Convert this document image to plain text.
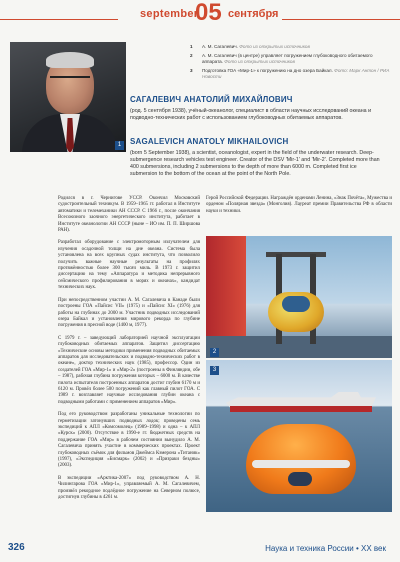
september
05 сентября
1
1 А. М. Сагалевич. Фото из открытых источников
2 А. М. Сагалевич (в центре) управляет погружением глубоководного обитаемого аппарата. Фото из открытых источников
3 Подготовка ГОА «Мир-1» к погружению на дно озера Байкал. Фото: Марк Антон / РИА Новости
САГАЛЕВИЧ АНАТОЛИЙ МИХАЙЛОВИЧ
(род. 5 сентября 1938), учёный-океанолог, специалист в области научных исследований океана и подводно-технических работ с использованием глубоководных обитаемых аппаратов.
SAGALEVICH ANATOLY MIKHAILOVICH
(born 5 September 1938), a scientist, oceanologist, expert in the field of the underwater research. Deep-submergence research vehicles test engineer. Creator of the DSV 'Mir-1' and 'Mir-2'. Completed more than 400 submersions, including 2 submersions to the depth of more than 6000 m. Completed first ice submersion to the bottom of the ocean at the point of the North Pole.

Родился в г. Чернигове УССР. Окончил Московский судостроительный техникум. В 1959–1965 гг. работал в Институте автоматики и телемеханики АН СССР. С 1966 г., после окончания Всесоюзного заочного энергетического института, работает в Институте океанологии АН СССР (ныне – ИО им. П. П. Ширшова РАН).

Разработал оборудование с электромоторным излучателем для изучения осадочной толщи на дне океана. Система была установлена на всех крупных судах института, что позволило получить важные научные результаты на профилях протяжённостью более 300 тысяч миль. В 1973 г. защитил диссертацию на тему «Аппаратура и методика непрерывного сейсмического профилирования в морях и океанах», кандидат технических наук.

При непосредственном участии А. М. Сагалевича в Канаде были построены ГОА «Пайсис VII» (1975) и «Пайсис XI» (1976) для работы на глубинах до 2000 м. Участник подводных исследований озера Байкал и установления мирового рекорда по глубине погружения в пресной воде (1400 м, 1977).

С 1979 г. – заведующий лабораторией научной эксплуатации глубоководных обитаемых аппаратов. Защитил диссертацию «Технические основы методики применения подводных обитаемых аппаратов для исследовательских и подводно-технических работ в океане», доктор технических наук (1985), профессор. Один из создателей ГОА «Мир-1» и «Мир-2» (построены в Финляндии, обе – 1987), рабочая глубина погружения которых – 6000 м. В качестве пилота испытателя построенных аппаратов достиг глубин 6170 м и 6120 м. Провёл более 500 погружений как главный пилот ГОА. С 1989 г. возглавляет научные исследования глубин океана с подводными работами с применением аппаратов «Мир».

Под его руководством разработаны уникальные технологии по герметизации затонувших подводных лодок; проведены семь экспедиций к АПЛ «Комсомолец» (1989–1998) и одна – к АПЛ «Курск» (2000). Отсутствие в 1990-е гг. бюджетных средств на поддержание ГОА «Мир» в рабочем состоянии вынудило А. М. Сагалевича принять участие в коммерческих проектах. Проект глубоководных съёмок для фильмов Джеймса Кэмерона «Титаник» (1997), «Экспедиция «Бисмарк» (2002) и «Призраки бездны» (2003).

В экспедиции «Арктика-2007» под руководством А. Н. Чилингарова ГОА «Мир-1», управляемый А. М. Сагалевичем, произвёл рекордное подлёдное погружение на Северном полюсе, достигнув глубины в 4261 м.

Герой Российской Федерации. Награждён орденами Ленина, «Знак Почёта», Мужества и орденом «Полярная звезда» (Монголия). Лауреат премии Правительства РФ в области науки и техники.

2
3
326	Наука и техника России • XX век
